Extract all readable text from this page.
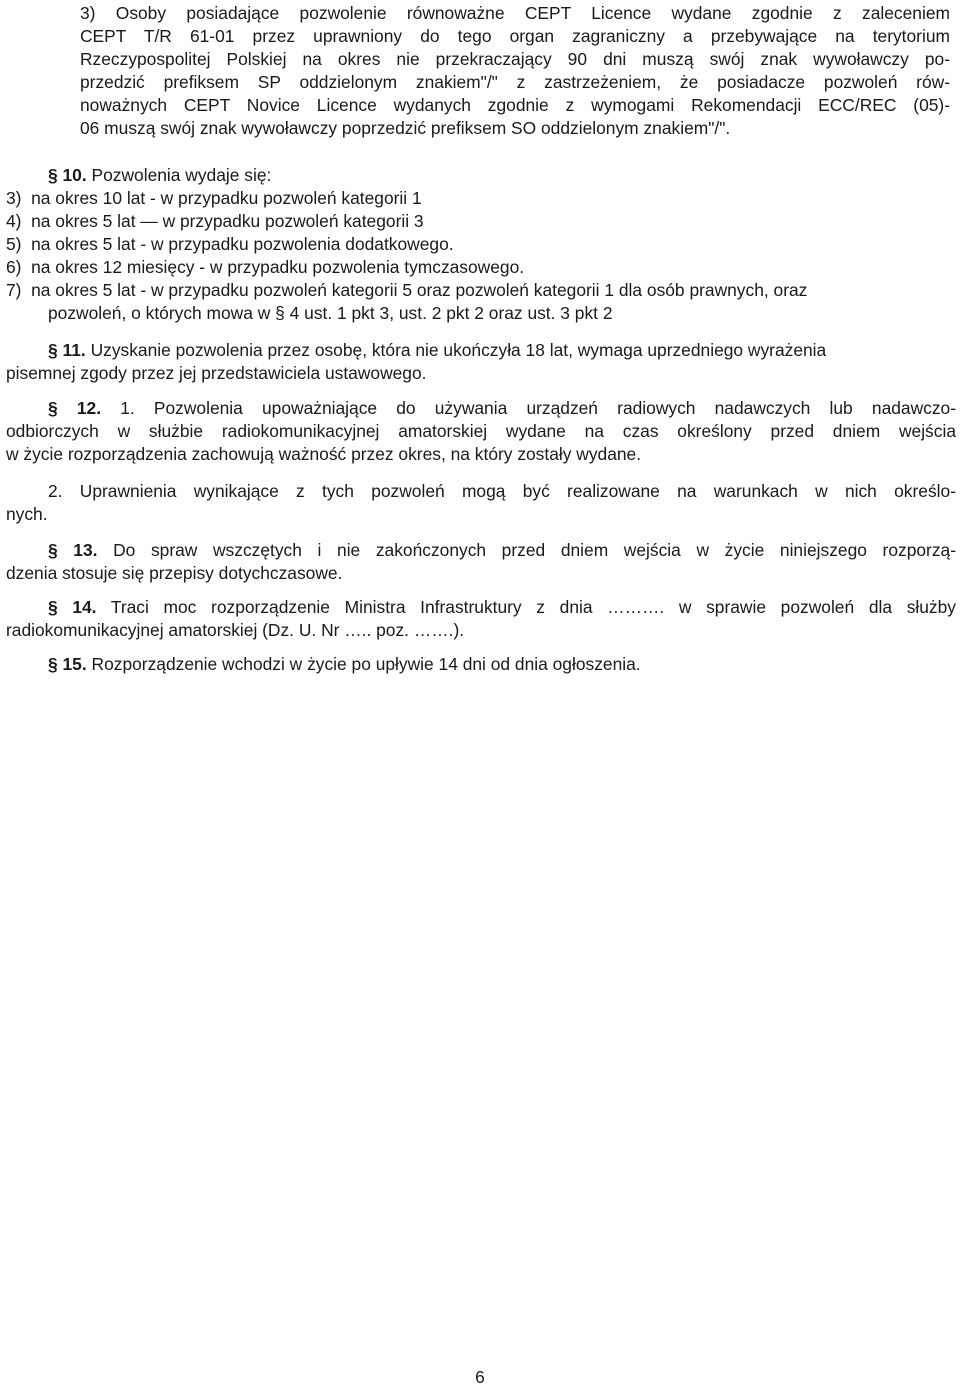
3) Osoby posiadające pozwolenie równoważne CEPT Licence wydane zgodnie z zaleceniem
CEPT T/R 61-01 przez uprawniony do tego organ zagraniczny a przebywające na terytorium
Rzeczypospolitej Polskiej na okres nie przekraczający 90 dni muszą swój znak wywoławczy po-
przedzić prefiksem SP oddzielonym znakiem"/" z zastrzeżeniem, że posiadacze pozwoleń rów-
noważnych CEPT Novice Licence wydanych zgodnie z wymogami Rekomendacji ECC/REC (05)-
06 muszą swój znak wywoławczy poprzedzić prefiksem SO oddzielonym znakiem"/".
§ 10. Pozwolenia wydaje się:
3)  na okres 10 lat - w przypadku pozwoleń kategorii 1
4)  na okres 5 lat — w przypadku pozwoleń kategorii 3
5)  na okres 5 lat - w przypadku pozwolenia dodatkowego.
6)  na okres 12 miesięcy - w przypadku pozwolenia tymczasowego.
7)  na okres 5 lat - w przypadku pozwoleń kategorii 5 oraz pozwoleń kategorii 1 dla osób prawnych, oraz
pozwoleń, o których mowa w § 4 ust. 1 pkt 3, ust. 2 pkt 2 oraz ust. 3 pkt 2
§ 11. Uzyskanie pozwolenia przez osobę, która nie ukończyła 18 lat, wymaga uprzedniego wyrażenia
pisemnej zgody przez jej przedstawiciela ustawowego.
§ 12. 1. Pozwolenia upoważniające do używania urządzeń radiowych nadawczych lub nadawczo-
odbiorczych w służbie radiokomunikacyjnej amatorskiej wydane na czas określony przed dniem wejścia
w życie rozporządzenia zachowują ważność przez okres, na który zostały wydane.
2. Uprawnienia wynikające z tych pozwoleń mogą być realizowane na warunkach w nich określo-
nych.
§ 13. Do spraw wszczętych i nie zakończonych przed dniem wejścia w życie niniejszego rozporzą-
dzenia stosuje się przepisy dotychczasowe.
§ 14. Traci moc rozporządzenie Ministra Infrastruktury z dnia ………. w sprawie pozwoleń dla służby
radiokomunikacyjnej amatorskiej (Dz. U. Nr ….. poz. …….).
§ 15. Rozporządzenie wchodzi w życie po upływie 14 dni od dnia ogłoszenia.
6
